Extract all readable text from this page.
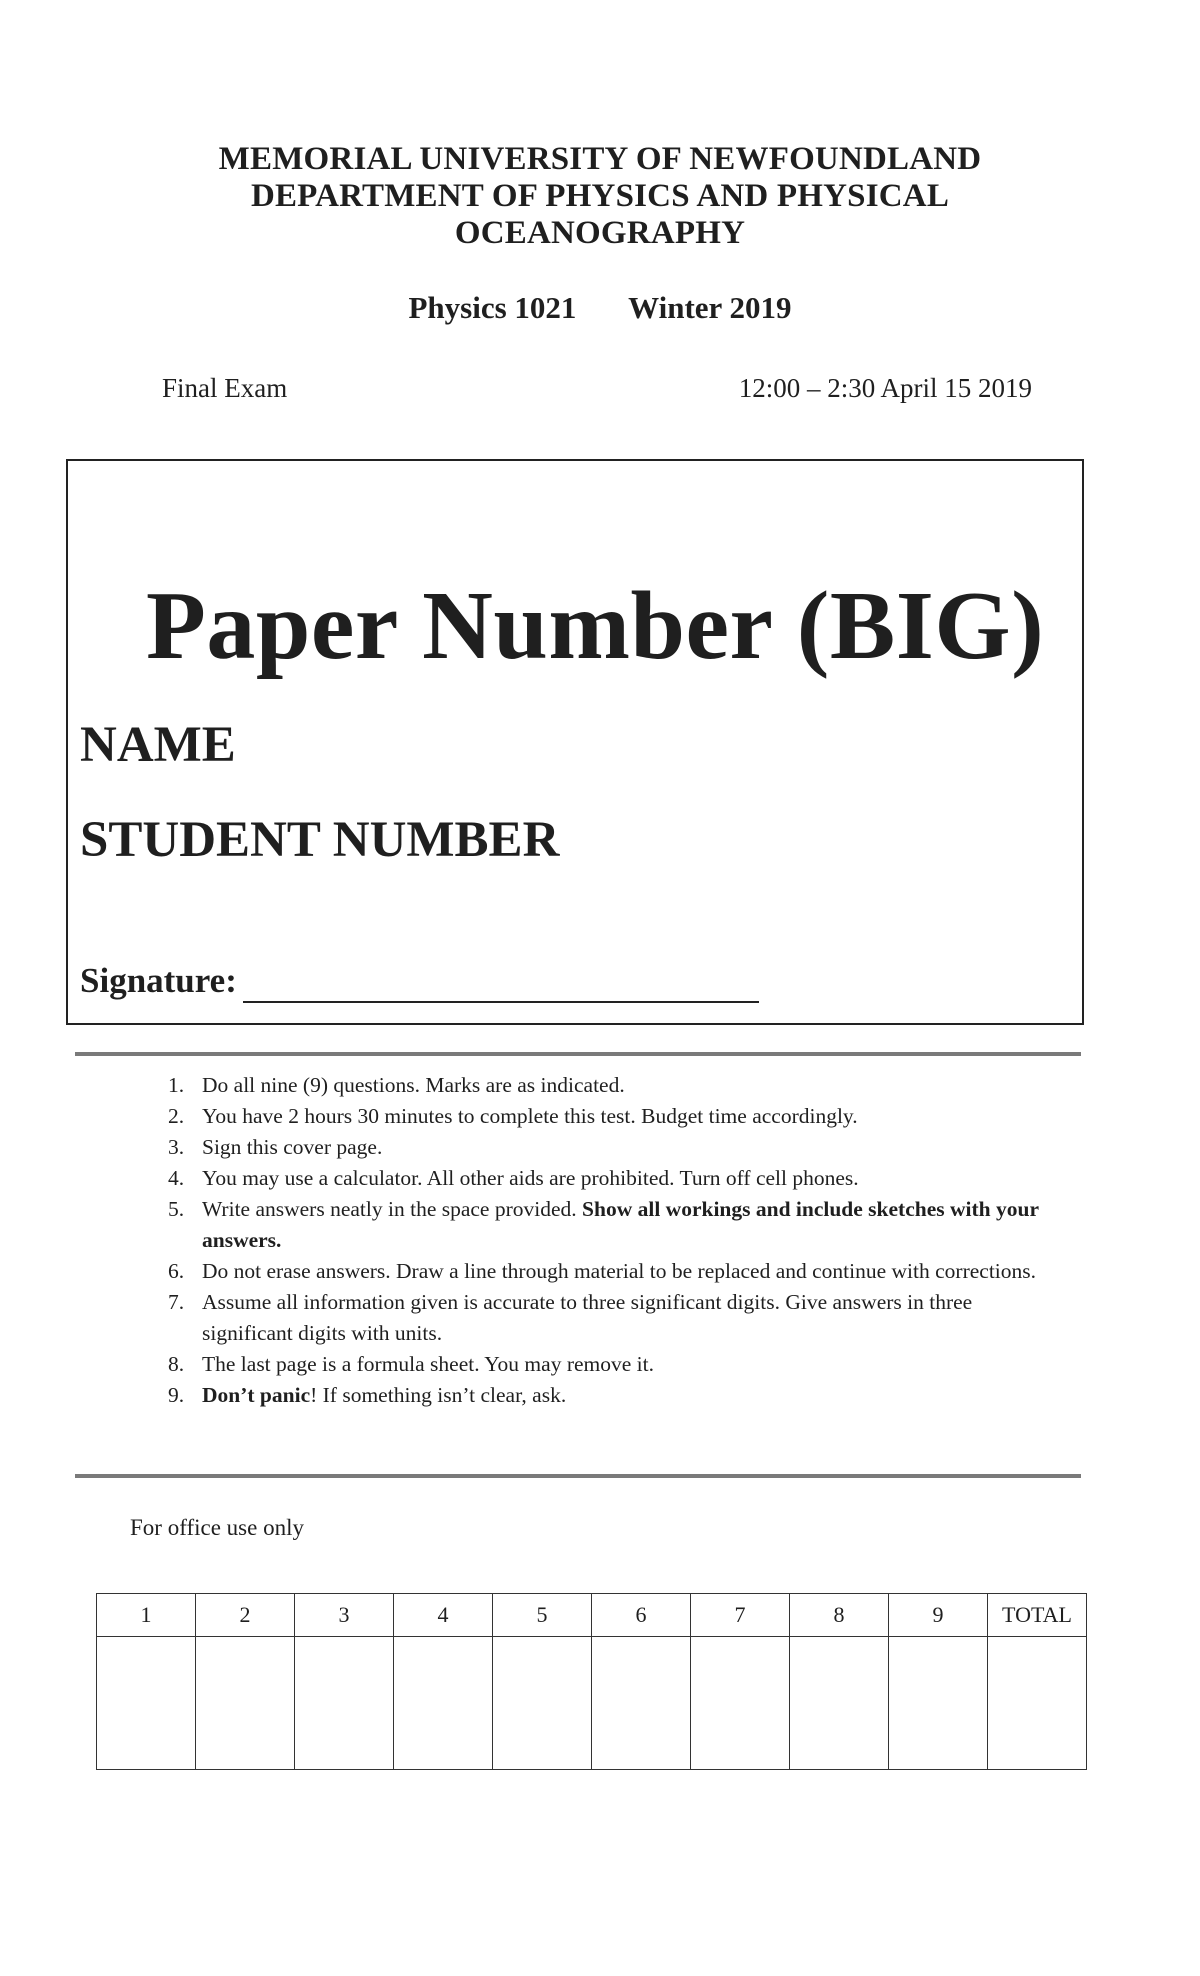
MEMORIAL UNIVERSITY OF NEWFOUNDLAND
DEPARTMENT OF PHYSICS AND PHYSICAL
OCEANOGRAPHY
Physics 1021 Winter 2019
Final Exam	12:00 – 2:30 April 15 2019
Paper Number (BIG)
NAME
STUDENT NUMBER
Signature:
1. Do all nine (9) questions. Marks are as indicated.
2. You have 2 hours 30 minutes to complete this test. Budget time accordingly.
3. Sign this cover page.
4. You may use a calculator. All other aids are prohibited. Turn off cell phones.
5. Write answers neatly in the space provided. Show all workings and include sketches with your answers.
6. Do not erase answers. Draw a line through material to be replaced and continue with corrections.
7. Assume all information given is accurate to three significant digits. Give answers in three significant digits with units.
8. The last page is a formula sheet. You may remove it.
9. Don’t panic! If something isn’t clear, ask.
For office use only
1	2	3	4	5	6	7	8	9	TOTAL
